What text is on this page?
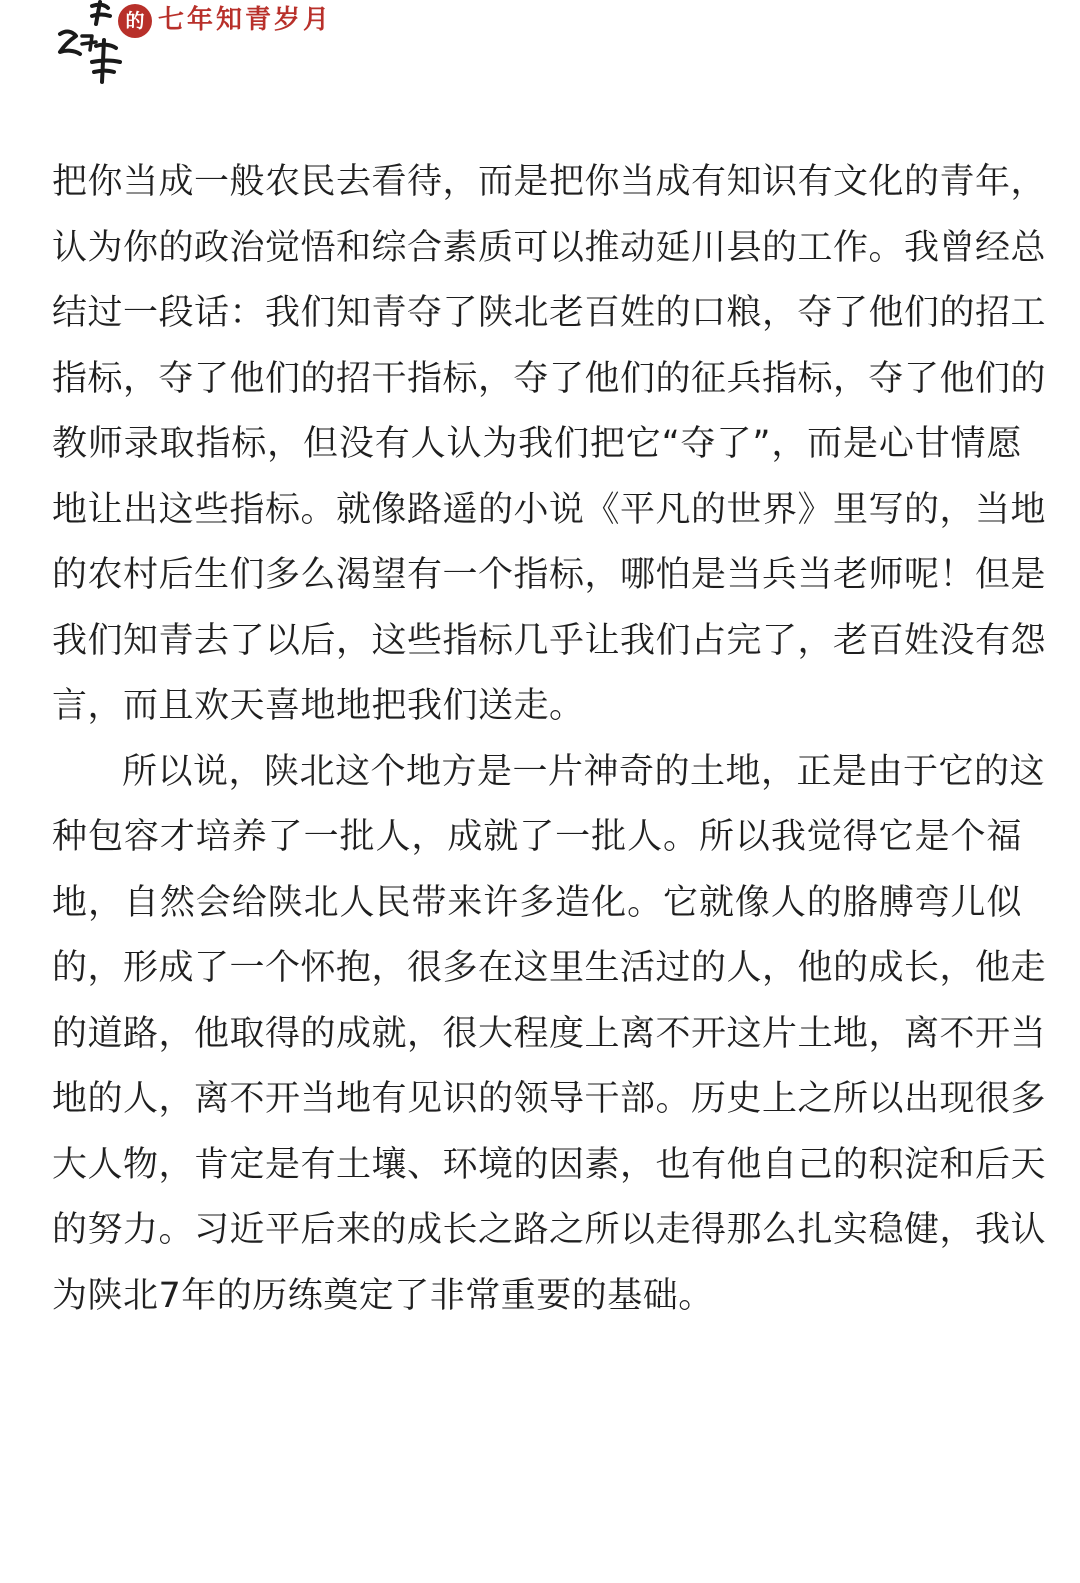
的 七年知青岁月
把你当成一般农民去看待，而是把你当成有知识有文化的青年，
认为你的政治觉悟和综合素质可以推动延川县的工作。我曾经总
结过一段话：我们知青夺了陕北老百姓的口粮，夺了他们的招工
指标，夺了他们的招干指标，夺了他们的征兵指标，夺了他们的
教师录取指标，但没有人认为我们把它“夺了”，而是心甘情愿
地让出这些指标。就像路遥的小说《平凡的世界》里写的，当地
的农村后生们多么渴望有一个指标，哪怕是当兵当老师呢！但是
我们知青去了以后，这些指标几乎让我们占完了，老百姓没有怨
言，而且欢天喜地地把我们送走。
所以说，陕北这个地方是一片神奇的土地，正是由于它的这
种包容才培养了一批人，成就了一批人。所以我觉得它是个福
地，自然会给陕北人民带来许多造化。它就像人的胳膊弯儿似
的，形成了一个怀抱，很多在这里生活过的人，他的成长，他走
的道路，他取得的成就，很大程度上离不开这片土地，离不开当
地的人，离不开当地有见识的领导干部。历史上之所以出现很多
大人物，肯定是有土壤、环境的因素，也有他自己的积淀和后天
的努力。习近平后来的成长之路之所以走得那么扎实稳健，我认
为陕北7年的历练奠定了非常重要的基础。
